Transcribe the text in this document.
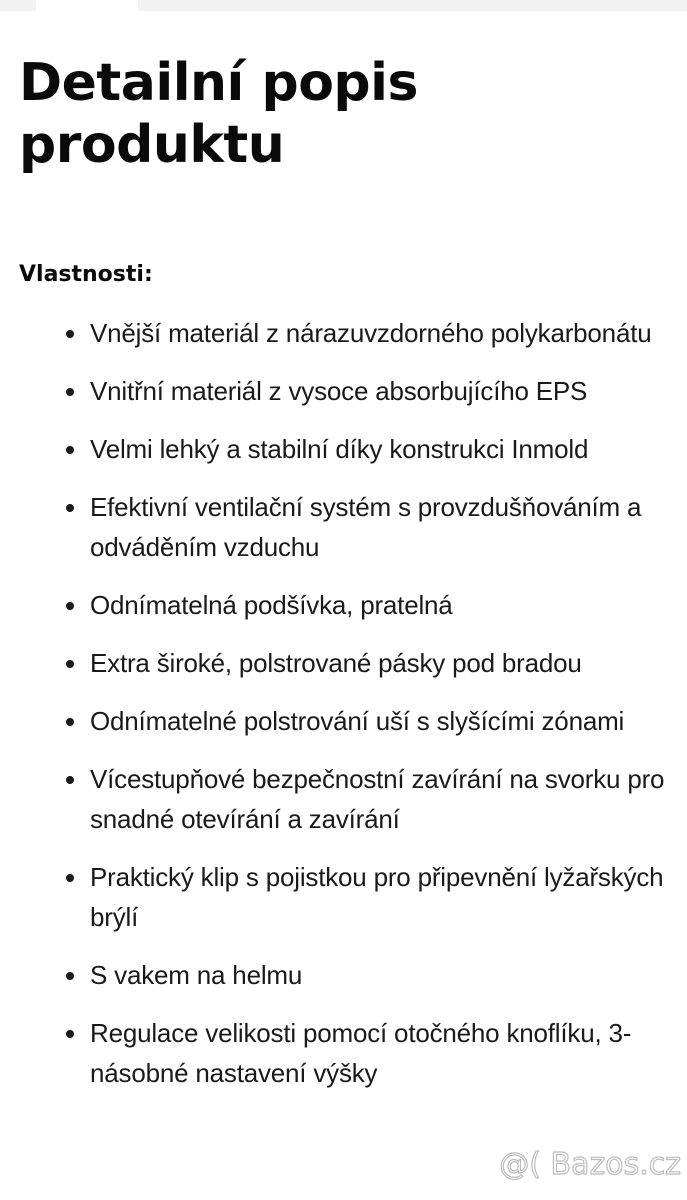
Detailní popis produktu
Vlastnosti:
Vnější materiál z nárazuvzdorného polykarbonátu
Vnitřní materiál z vysoce absorbujícího EPS
Velmi lehký a stabilní díky konstrukci Inmold
Efektivní ventilační systém s provzdušňováním a odváděním vzduchu
Odnímatelná podšívka, pratelná
Extra široké, polstrované pásky pod bradou
Odnímatelné polstrování uší s slyšícími zónami
Vícestupňové bezpečnostní zavírání na svorku pro snadné otevírání a zavírání
Praktický klip s pojistkou pro připevnění lyžařských brýlí
S vakem na helmu
Regulace velikosti pomocí otočného knoflíku, 3-násobné nastavení výšky
@( Bazos.cz
